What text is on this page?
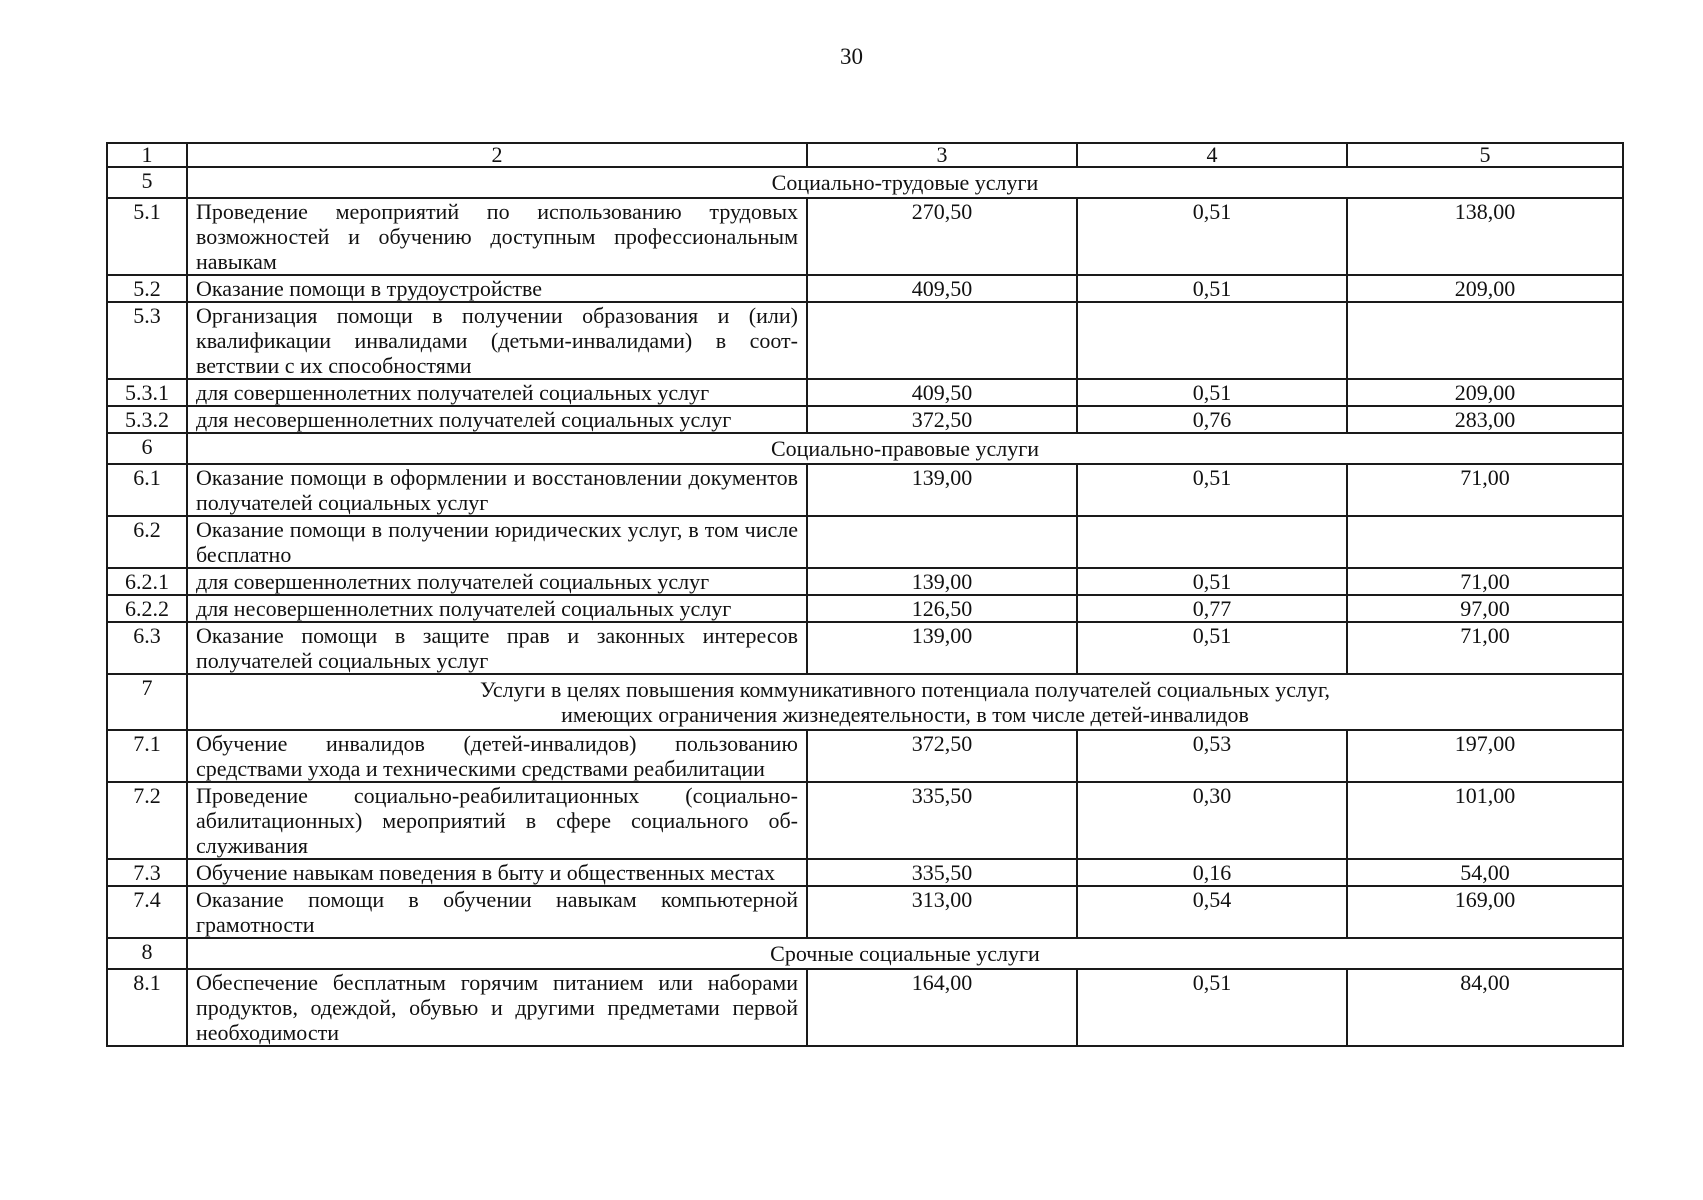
30
1	2	3	4	5
5	Социально-трудовые услуги			

5.1	Проведение мероприятий по использованию трудовых возможностей и обучению доступным профессиональным навыкам	270,50	0,51	138,00
5.2	Оказание помощи в трудоустройстве	409,50	0,51	209,00
5.3	Организация помощи в получении образования и (или) квалификации инвалидами (детьми-инвалидами) в соответствии с их способностями			
5.3.1	для совершеннолетних получателей социальных услуг	409,50	0,51	209,00
5.3.2	для несовершеннолетних получателей социальных услуг	372,50	0,76	283,00
6	Социально-правовые услуги			

6.1	Оказание помощи в оформлении и восстановлении документов получателей социальных услуг	139,00	0,51	71,00
6.2	Оказание помощи в получении юридических услуг, в том числе бесплатно			
6.2.1	для совершеннолетних получателей социальных услуг	139,00	0,51	71,00
6.2.2	для несовершеннолетних получателей социальных услуг	126,50	0,77	97,00
6.3	Оказание помощи в защите прав и законных интересов получателей социальных услуг	139,00	0,51	71,00
7	Услуги в целях повышения коммуникативного потенциала получателей социальных услуг,
имеющих ограничения жизнедеятельности, в том числе детей-инвалидов			

7.1	Обучение инвалидов (детей-инвалидов) пользованию средствами ухода и техническими средствами реабилитации	372,50	0,53	197,00
7.2	Проведение социально-реабилитационных (социально-абилитационных) мероприятий в сфере социального обслуживания	335,50	0,30	101,00
7.3	Обучение навыкам поведения в быту и общественных местах	335,50	0,16	54,00
7.4	Оказание помощи в обучении навыкам компьютерной грамотности	313,00	0,54	169,00
8	Срочные социальные услуги			

8.1	Обеспечение бесплатным горячим питанием или наборами продуктов, одеждой, обувью и другими предметами первой необходимости	164,00	0,51	84,00
